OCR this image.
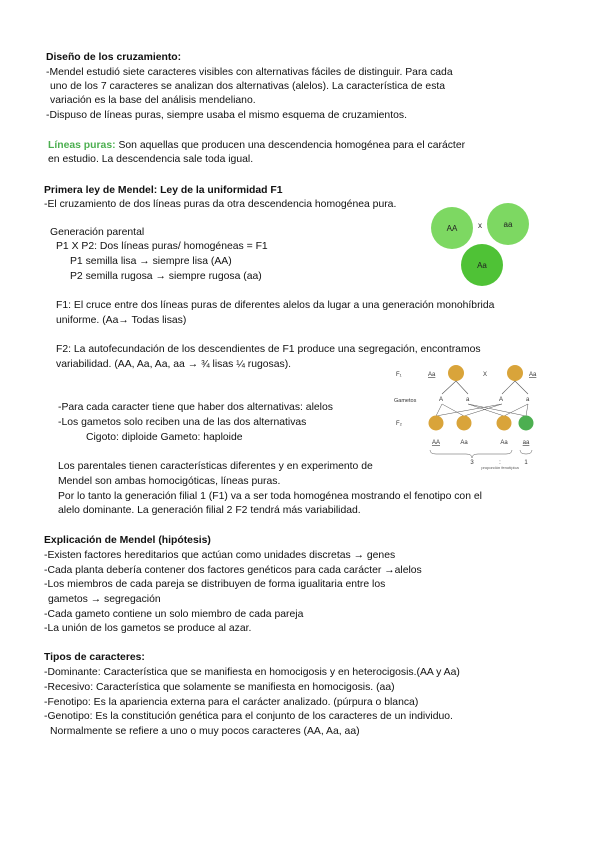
Diseño de los cruzamiento:
-Mendel estudió siete caracteres visibles con alternativas fáciles de distinguir. Para cada
uno de los 7 caracteres se analizan dos alternativas (alelos). La característica de esta
variación es la base del análisis mendeliano.
-Dispuso de líneas puras, siempre usaba el mismo esquema de cruzamientos.
Líneas puras: Son aquellas que producen una descendencia homogénea para el carácter
en estudio. La descendencia sale toda igual.
Primera ley de Mendel: Ley de la uniformidad F1
-El cruzamiento de dos líneas puras da otra descendencia homogénea pura.
Generación parental
P1 X P2: Dos líneas puras/ homogéneas = F1
P1 semilla lisa → siempre lisa (AA)
P2 semilla rugosa → siempre rugosa (aa)
F1: El cruce entre dos líneas puras de diferentes alelos da lugar a una generación monohíbrida
uniforme. (Aa→ Todas lisas)
F2: La autofecundación de los descendientes de F1 produce una segregación, encontramos
variabilidad. (AA, Aa, Aa, aa → ¾ lisas ¼ rugosas).
-Para cada caracter tiene que haber dos alternativas: alelos
-Los gametos solo reciben una de las dos alternativas
Cigoto: diploide Gameto: haploide
Los parentales tienen características diferentes y en experimento de
Mendel son ambas homocigóticas, líneas puras.
Por lo tanto la generación filial 1 (F1) va a ser toda homogénea mostrando el fenotipo con el
alelo dominante. La generación filial 2 F2 tendrá más variabilidad.
Explicación de Mendel (hipótesis)
-Existen factores hereditarios que actúan como unidades discretas → genes
-Cada planta debería contener dos factores genéticos para cada carácter →alelos
-Los miembros de cada pareja se distribuyen de forma igualitaria entre los
gametos → segregación
-Cada gameto contiene un solo miembro de cada pareja
-La unión de los gametos se produce al azar.
Tipos de caracteres:
-Dominante: Característica que se manifiesta en homocigosis y en heterocigosis.(AA y Aa)
-Recesivo: Característica que solamente se manifiesta en homocigosis. (aa)
-Fenotipo: Es la apariencia externa para el carácter analizado. (púrpura o blanca)
-Genotipo: Es la constitución genética para el conjunto de los caracteres de un individuo.
Normalmente se refiere a uno o muy pocos caracteres (AA, Aa, aa)
AA	x	aa
Aa
F₁	Aa	X	Aa
Gametos	A	a	A	a
F₂
AA	Aa	Aa aa
3	:	1
proporción fenotípica
